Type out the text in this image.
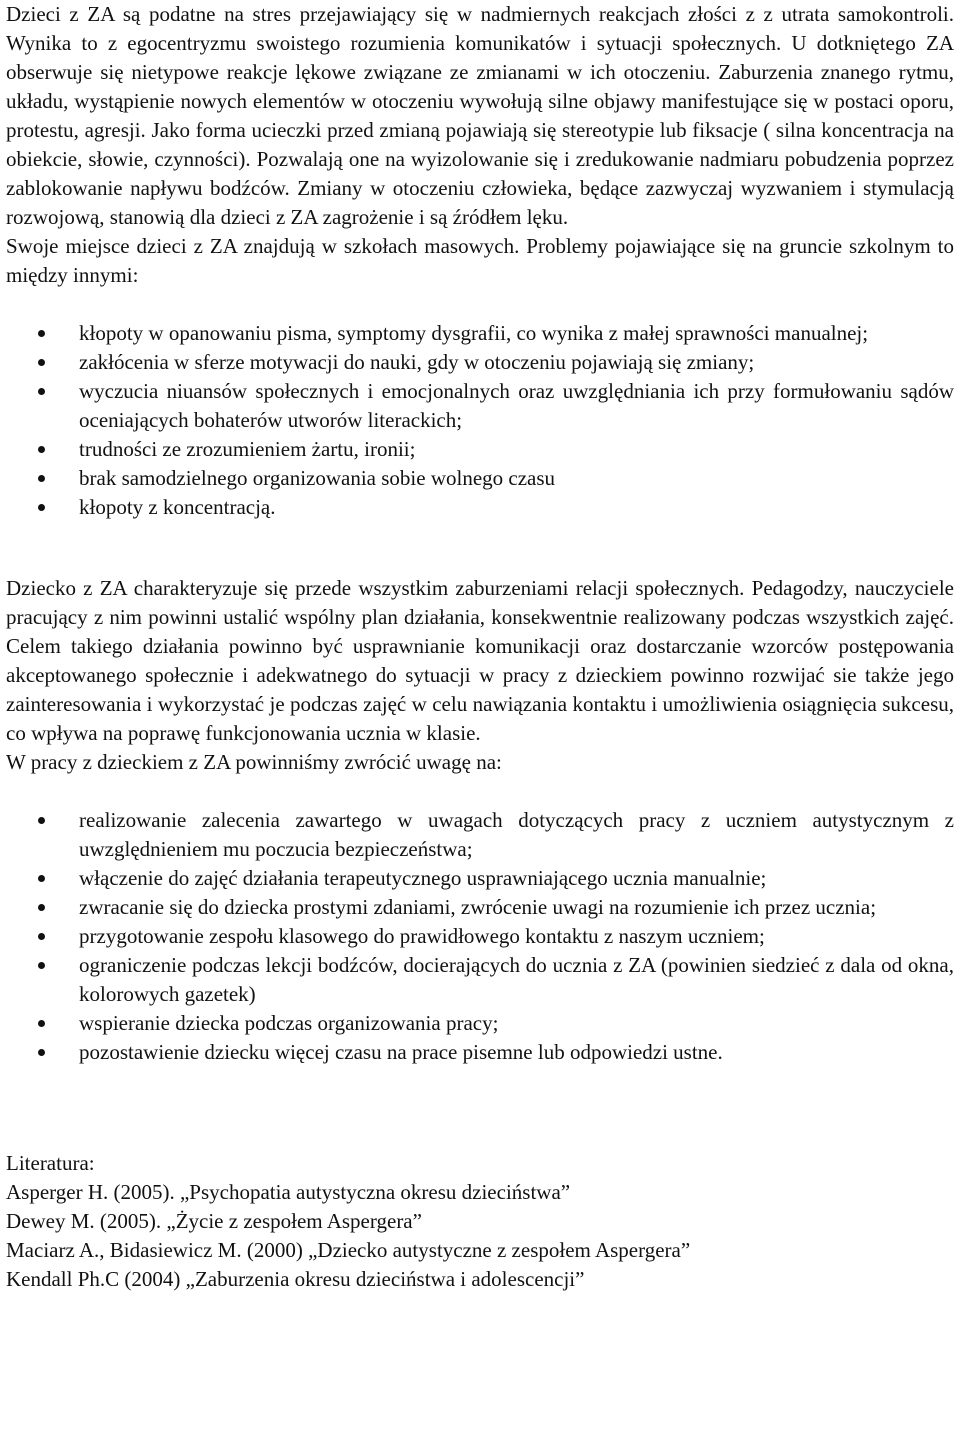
Dzieci z ZA są podatne na stres przejawiający się w nadmiernych reakcjach złości z z utrata samokontroli. Wynika to z egocentryzmu swoistego rozumienia komunikatów i sytuacji społecznych. U dotkniętego ZA obserwuje się nietypowe reakcje lękowe związane ze zmianami w ich otoczeniu. Zaburzenia znanego rytmu, układu, wystąpienie nowych elementów w otoczeniu wywołują silne objawy manifestujące się w postaci oporu, protestu, agresji. Jako forma ucieczki przed zmianą pojawiają się stereotypie lub fiksacje ( silna koncentracja na obiekcie, słowie, czynności). Pozwalają one na wyizolowanie się i zredukowanie nadmiaru pobudzenia poprzez zablokowanie napływu bodźców. Zmiany w otoczeniu człowieka, będące zazwyczaj wyzwaniem i stymulacją rozwojową, stanowią dla dzieci z ZA zagrożenie i są źródłem lęku.

Swoje miejsce dzieci z ZA znajdują w szkołach masowych. Problemy pojawiające się na gruncie szkolnym to między innymi:

kłopoty w opanowaniu pisma, symptomy dysgrafii, co wynika z małej sprawności manualnej;
zakłócenia w sferze motywacji do nauki, gdy w otoczeniu pojawiają się zmiany;
wyczucia niuansów społecznych i emocjonalnych oraz uwzględniania ich przy formułowaniu sądów oceniających bohaterów utworów literackich;
trudności ze zrozumieniem żartu, ironii;
brak samodzielnego organizowania sobie wolnego czasu
kłopoty z koncentracją.

Dziecko z ZA charakteryzuje się przede wszystkim zaburzeniami relacji społecznych. Pedagodzy, nauczyciele pracujący z nim powinni ustalić wspólny plan działania, konsekwentnie realizowany podczas wszystkich zajęć. Celem takiego działania powinno być usprawnianie komunikacji oraz dostarczanie wzorców postępowania akceptowanego społecznie i adekwatnego do sytuacji w pracy z dzieckiem powinno rozwijać sie także jego zainteresowania i wykorzystać je podczas zajęć w celu nawiązania kontaktu i umożliwienia osiągnięcia sukcesu, co wpływa na poprawę funkcjonowania ucznia w klasie.

W pracy z dzieckiem z ZA powinniśmy zwrócić uwagę na:

realizowanie zalecenia zawartego w uwagach dotyczących pracy z uczniem autystycznym z uwzględnieniem mu poczucia bezpieczeństwa;
włączenie do zajęć działania terapeutycznego usprawniającego ucznia manualnie;
zwracanie się do dziecka prostymi zdaniami, zwrócenie uwagi na rozumienie ich przez ucznia;
przygotowanie zespołu klasowego do prawidłowego kontaktu z naszym uczniem;
ograniczenie podczas lekcji bodźców, docierających do ucznia z ZA (powinien siedzieć z dala od okna, kolorowych gazetek)
wspieranie dziecka podczas organizowania pracy;
pozostawienie dziecku więcej czasu na prace pisemne lub odpowiedzi ustne.

Literatura:

Asperger H. (2005). „Psychopatia autystyczna okresu dzieciństwa”

Dewey M. (2005). „Życie z zespołem Aspergera”

Maciarz A., Bidasiewicz M. (2000) „Dziecko autystyczne z zespołem Aspergera”

Kendall Ph.C (2004) „Zaburzenia okresu dzieciństwa i adolescencji”
